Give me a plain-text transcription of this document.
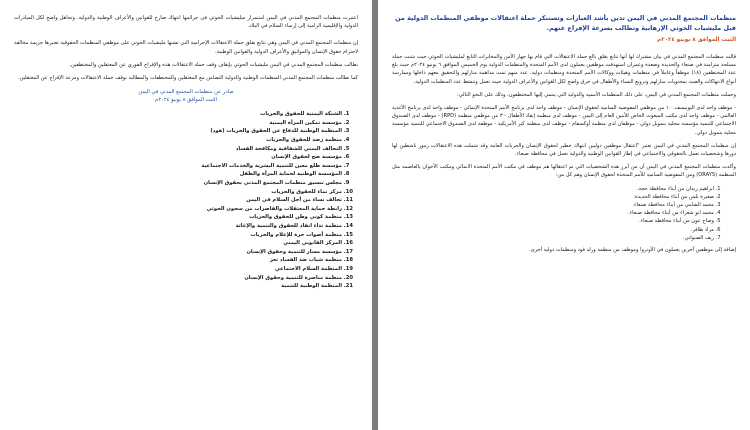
اعتبرت منظمات المجتمع المدني في اليمن استمرار ميليشيات الحوثي في جرائمها انتهاك صارخ للقوانين والأعراف الوطنية والدولية، وتجاهل واضح لكل المبادرات الدولية والإقليمية الرامية إلى إرساء السلام في البلاد.

إن منظمات المجتمع المدني في اليمن وهي تتابع بقلق حملة الاعتقالات الإجرامية التي تشنها مليشيات الحوثي على موظفي المنظمات الحقوقية تعتبرها جريمة مخالفة لاحترام حقوق الإنسان والمواثيق والأعراف الدولية والقوانين الوطنية.

تطالب منظمات المجتمع المدني في اليمن مليشيات الحوثي بإيقاف وقف حملة الاعتقالات هذه والإفراج الفوري عن المعتقلين والمختطفين.

كما تطالب منظمات المجتمع المدني المنظمات الوطنية والدولية التضامن مع المعتقلين والمختطفات والمطالبة بوقف حملة الاعتقالات ومرعة الإفراج عن المعتقلين.

صادر عن منظمات المجتمع المدني في اليمن
الثبت الموافق ٨ يونيو ٢٠٢٤م
1. الشبكة اليمنية للحقوق والحريات
2. مؤسسة تمكين المرأة اليمنية
3. المنظمة الوطنية للدفاع عن الحقوق والحريات (هود)
4. منظمة رصد للحقوق والحريات
5. التحالف اليمني للشفافية ومكافحة الفساد
6. مؤسسة صح لحقوق الإنسان
7. مؤسسة ظلع معين للتنمية البشرية والخدمات الاجتماعية
8. المؤسسة الوطنية لحماية المرأة والطفل
9. مجلس تنسيق منظمات المجتمع المدني بحقوق الإنسان
10. مركز نماء للحقوق والحريات
11. تحالف نساء من أجل السلام في اليمن
12. رابطة حماية المعتقلات والقاصرات من سجون الحوثي
13. منظمة كوني وطن للحقوق والحريات
14. منظمة نداء انقاذ للحقوق والتنمية والإغاثة
15. منظمة أصوات حرة للإعلام والحريات
16. المركز القانوني اليمني
17. مؤسسة مسار للتنمية وحقوق الإنسان
18. منظمة شباب ضد الفساد تعز
19. المنظمة السلام الاجتماعي
20. منظمة مناصرة للتنمية وحقوق الإنسان
21. المنظمة الوطنية للتنمية
منظمات المجتمع المدني في اليمن تدين بأشد العبارات وتستنكر حملة اعتقالات موظفي المنظمات الدولية من قبل مليشيات الحوثي الإرهابية وتطالب بسرعة الإفراج عنهم.
الثبت الموافق ٨ يونيو ٢٠٢٤م

قالت منظمات المجتمع المدني في بيان مشترك لها أنها تتابع بقلق بالغ حملة الاعتقالات التي قام بها جهاز الأمن والمخابرات التابع لمليشيات الحوثي حيث شنت حملة مسلحة متزامنة في صنعاء والحديدة وصعدة وعمران استهدفت موظفين يعملون لدى الأمم المتحدة والمنظمات الدولية يوم الخميس الموافق ٦ يونيو ٢٠٢٤م حيث بلغ عدد المختطفين (١٨) موظفاً وعاملاً في منظمات وهيئات ووكالات الأمم المتحدة ومنظمات دولية. عدد منهم تمت مداهمة منازلهم والتحقيق معهم داخلها وممارسة أنواع الانتهاكات والعبث بمحتويات منازلهم وترويع النساء والأطفال في خرق واضح لكل القوانين والأعراف الدولية حيث تعمل وتنشط عدد المنظمات الدولية.

وحملت منظمات المجتمع المدني في اليمن، على ذلك المنظمات الأممية والدولية التي ينتمي إليها المختطفون، وذلك على النحو التالي:

- موظف واحد لدى اليونيسف، ١٠ من موظفي المفوضية السامية لحقوق الإنسان - موظف واحد لدى برنامج الأمم المتحدة الإنمائي - موظف واحد لدى برنامج الأغذية العالمي - موظف واحد لدى مكتب المبعوث الخاص للأمين العام إلى اليمن - موظف لدى منظمة إنقاذ الأطفال - ٣ من موظفي منظمة (RPD) - موظف لدى الصندوق الاجتماعي للتنمية مؤسسة محلية بتمويل دولي - موظفان لدى منظمة أوكسفام - موظف لدى منظمة كير الأمريكية - موظفة لدى الصندوق الاجتماعي للتنمية مؤسسة محلية بتمويل دولي.

إن منظمات المجتمع المدني في اليمن تعتبر "اعتقال موظفين دوليين انتهاك خطير لحقوق الإنسان والحريات العامة وقد شملت هذه الاعتقالات رموز ناشطين لها دورها وشخصيات تعمل بالحقوقي والاجتماعي في إطار القوانين الوطنية والدولية تعمل في محافظة صنعاء.

وأكدت منظمات المجتمع المدني في اليمن أن من أبرز هذه الشخصيات التي تم اعتقالها هم موظف في مكتب الأمم المتحدة الانمائي ومكتب الأخوان بالعاصمة مثل المنظمة (ORAYS) ومن المفوضية السامية للأمم المتحدة لحقوق الإنسان وهم كل من:

1. ابراهيم زيدان من أبناء محافظة حجة.
2. صغيرة بلس من أبناء محافظة الحديدة.
3. محمد الشامي من أبناء محافظة صنعاء.
4. محمد ابو شعراء من أبناء محافظة صنعاء.
5. وضاح عون من أبناء محافظة صنعاء.
6. مراد ظافر.
7. زيف الصنواني.

إضافة إلى موظفين آخرين يعملون في الأونروا وموظف من منظمة ورلد فود ومنظمات دولية أخرى.
